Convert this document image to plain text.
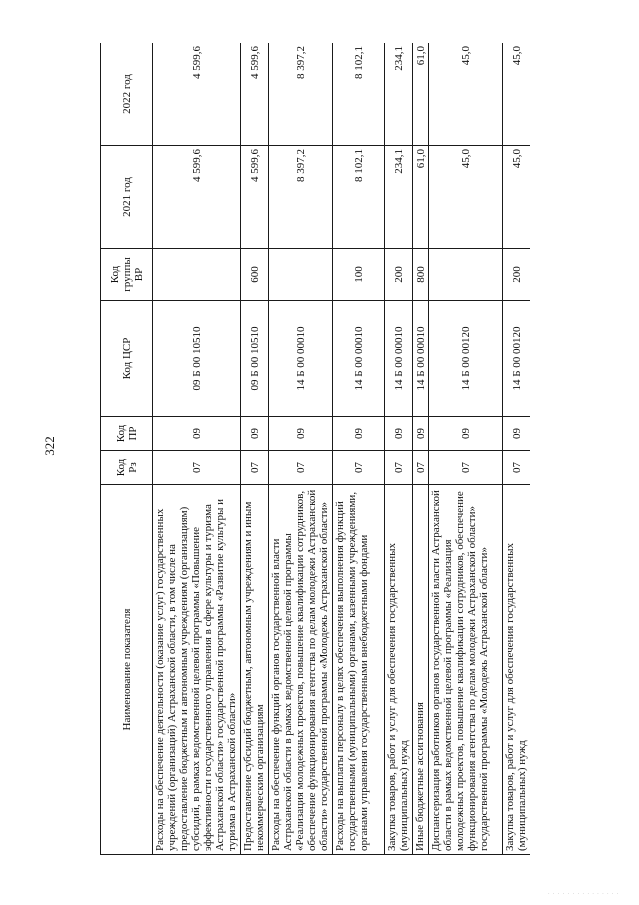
322
Наименование показателя	Код Рз	Код ПР	Код ЦСР	Код группы ВР	2021 год	2022 год
Расходы на обеспечение деятельности (оказание услуг) государственных учреждений (организаций) Астраханской области, в том числе на предоставление бюджетным и автономным учреждениям (организациям) субсидий, в рамках ведомственной целевой программы «Повышение эффективности государственного управления в сфере культуры и туризма Астраханской области» государственной программы «Развитие культуры и туризма в Астраханской области»	07	09	09 Б 00 10510		4 599,6	4 599,6
Предоставление субсидий бюджетным, автономным учреждениям и иным некоммерческим организациям	07	09	09 Б 00 10510	600	4 599,6	4 599,6
Расходы на обеспечение функций органов государственной власти Астраханской области в рамках ведомственной целевой программы «Реализация молодежных проектов, повышение квалификации сотрудников, обеспечение функционирования агентства по делам молодежи Астраханской области» государственной программы «Молодежь Астраханской области»	07	09	14 Б 00 00010		8 397,2	8 397,2
Расходы на выплаты персоналу в целях обеспечения выполнения функций государственными (муниципальными) органами, казенными учреждениями, органами управления государственными внебюджетными фондами	07	09	14 Б 00 00010	100	8 102,1	8 102,1
Закупка товаров, работ и услуг для обеспечения государственных (муниципальных) нужд	07	09	14 Б 00 00010	200	234,1	234,1
Иные бюджетные ассигнования	07	09	14 Б 00 00010	800	61,0	61,0
Диспансеризация работников органов государственной власти Астраханской области в рамках ведомственной целевой программы «Реализация молодежных проектов, повышение квалификации сотрудников, обеспечение функционирования агентства по делам молодежи Астраханской области» государственной программы «Молодежь Астраханской области»	07	09	14 Б 00 00120		45,0	45,0
Закупка товаров, работ и услуг для обеспечения государственных (муниципальных) нужд	07	09	14 Б 00 00120	200	45,0	45,0
· · · · · · · · · · · · · · ·
